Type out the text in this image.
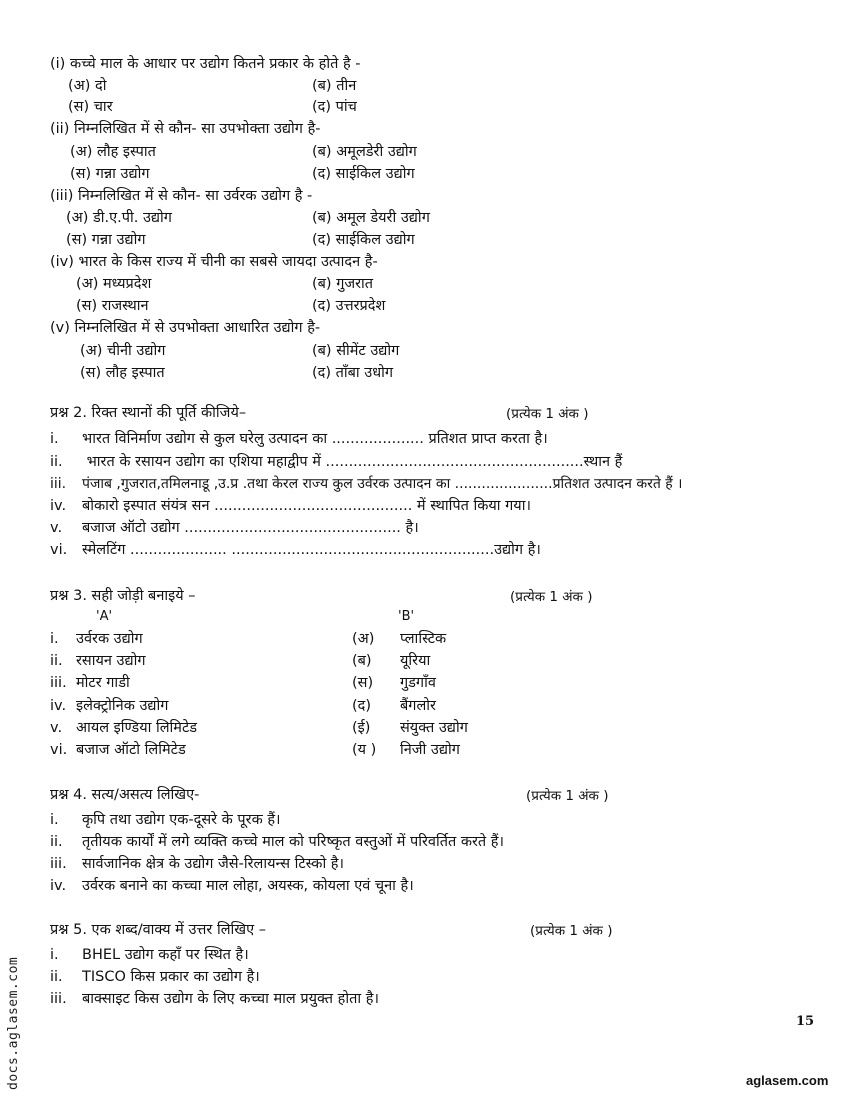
(i) कच्चे माल के आधार पर उद्योग कितने प्रकार के होते है -
(अ) दो	(ब) तीन
(स) चार	(द) पांच
(ii) निम्नलिखित में से कौन- सा उपभोक्ता उद्योग है-
(अ) लौह इस्पात	(ब) अमूलडेरी उद्योग
(स) गन्ना उद्योग	(द) साईकिल उद्योग
(iii) निम्नलिखित में से कौन- सा उर्वरक उद्योग है -
(अ) डी.ए.पी. उद्योग	(ब) अमूल डेयरी उद्योग
(स) गन्ना उद्योग	(द) साईकिल उद्योग
(iv) भारत के किस राज्य में चीनी का सबसे जायदा उत्पादन है-
(अ) मध्यप्रदेश	(ब) गुजरात
(स) राजस्थान	(द) उत्तरप्रदेश
(v) निम्नलिखित में से उपभोक्ता आधारित उद्योग है-
(अ) चीनी उद्योग	(ब) सीमेंट उद्योग
(स) लौह इस्पात	(द) ताँबा उधोग
प्रश्न 2. रिक्त स्थानों की पूर्ति कीजिये–	(प्रत्येक 1 अंक )
i. भारत विनिर्माण उद्योग से कुल घरेलु उत्पादन का .................... प्रतिशत प्राप्त करता है।
ii. भारत के रसायन उद्योग का एशिया महाद्वीप में ........................................................स्थान हैं
iii. पंजाब ,गुजरात,तमिलनाडू ,उ.प्र .तथा केरल राज्य कुल उर्वरक उत्पादन का ......................प्रतिशत उत्पादन करते हैं ।
iv. बोकारो इस्पात संयंत्र सन ........................................... में स्थापित किया गया।
v. बजाज ऑटो उद्योग ............................................... है।
vi. स्मेलटिंग ..................... .........................................................उद्योग है।
प्रश्न 3. सही जोड़ी बनाइये –	(प्रत्येक 1 अंक )
'A'	'B'
i. उर्वरक उद्योग	(अ) प्लास्टिक
ii. रसायन उद्योग	(ब) यूरिया
iii. मोटर गाडी	(स) गुडगाँव
iv. इलेक्ट्रोनिक उद्योग	(द) बैंगलोर
v. आयल इण्डिया लिमिटेड	(ई) संयुक्त उद्योग
vi. बजाज ऑटो लिमिटेड	(य ) निजी उद्योग
प्रश्न 4. सत्य/असत्य लिखिए-	(प्रत्येक 1 अंक )
i. कृपि तथा उद्योग एक-दूसरे के पूरक हैं।
ii. तृतीयक कार्यों में लगे व्यक्ति कच्चे माल को परिष्कृत वस्तुओं में परिवर्तित करते हैं।
iii. सार्वजानिक क्षेत्र के उद्योग जैसे-रिलायन्स टिस्को है।
iv. उर्वरक बनाने का कच्चा माल लोहा, अयस्क, कोयला एवं चूना है।
प्रश्न 5. एक शब्द/वाक्य में उत्तर लिखिए –	(प्रत्येक 1 अंक )
i. BHEL उद्योग कहाँ पर स्थित है।
ii. TISCO किस प्रकार का उद्योग है।
iii. बाक्साइट किस उद्योग के लिए कच्चा माल प्रयुक्त होता है।
docs.aglasem.com	15
aglasem.com
